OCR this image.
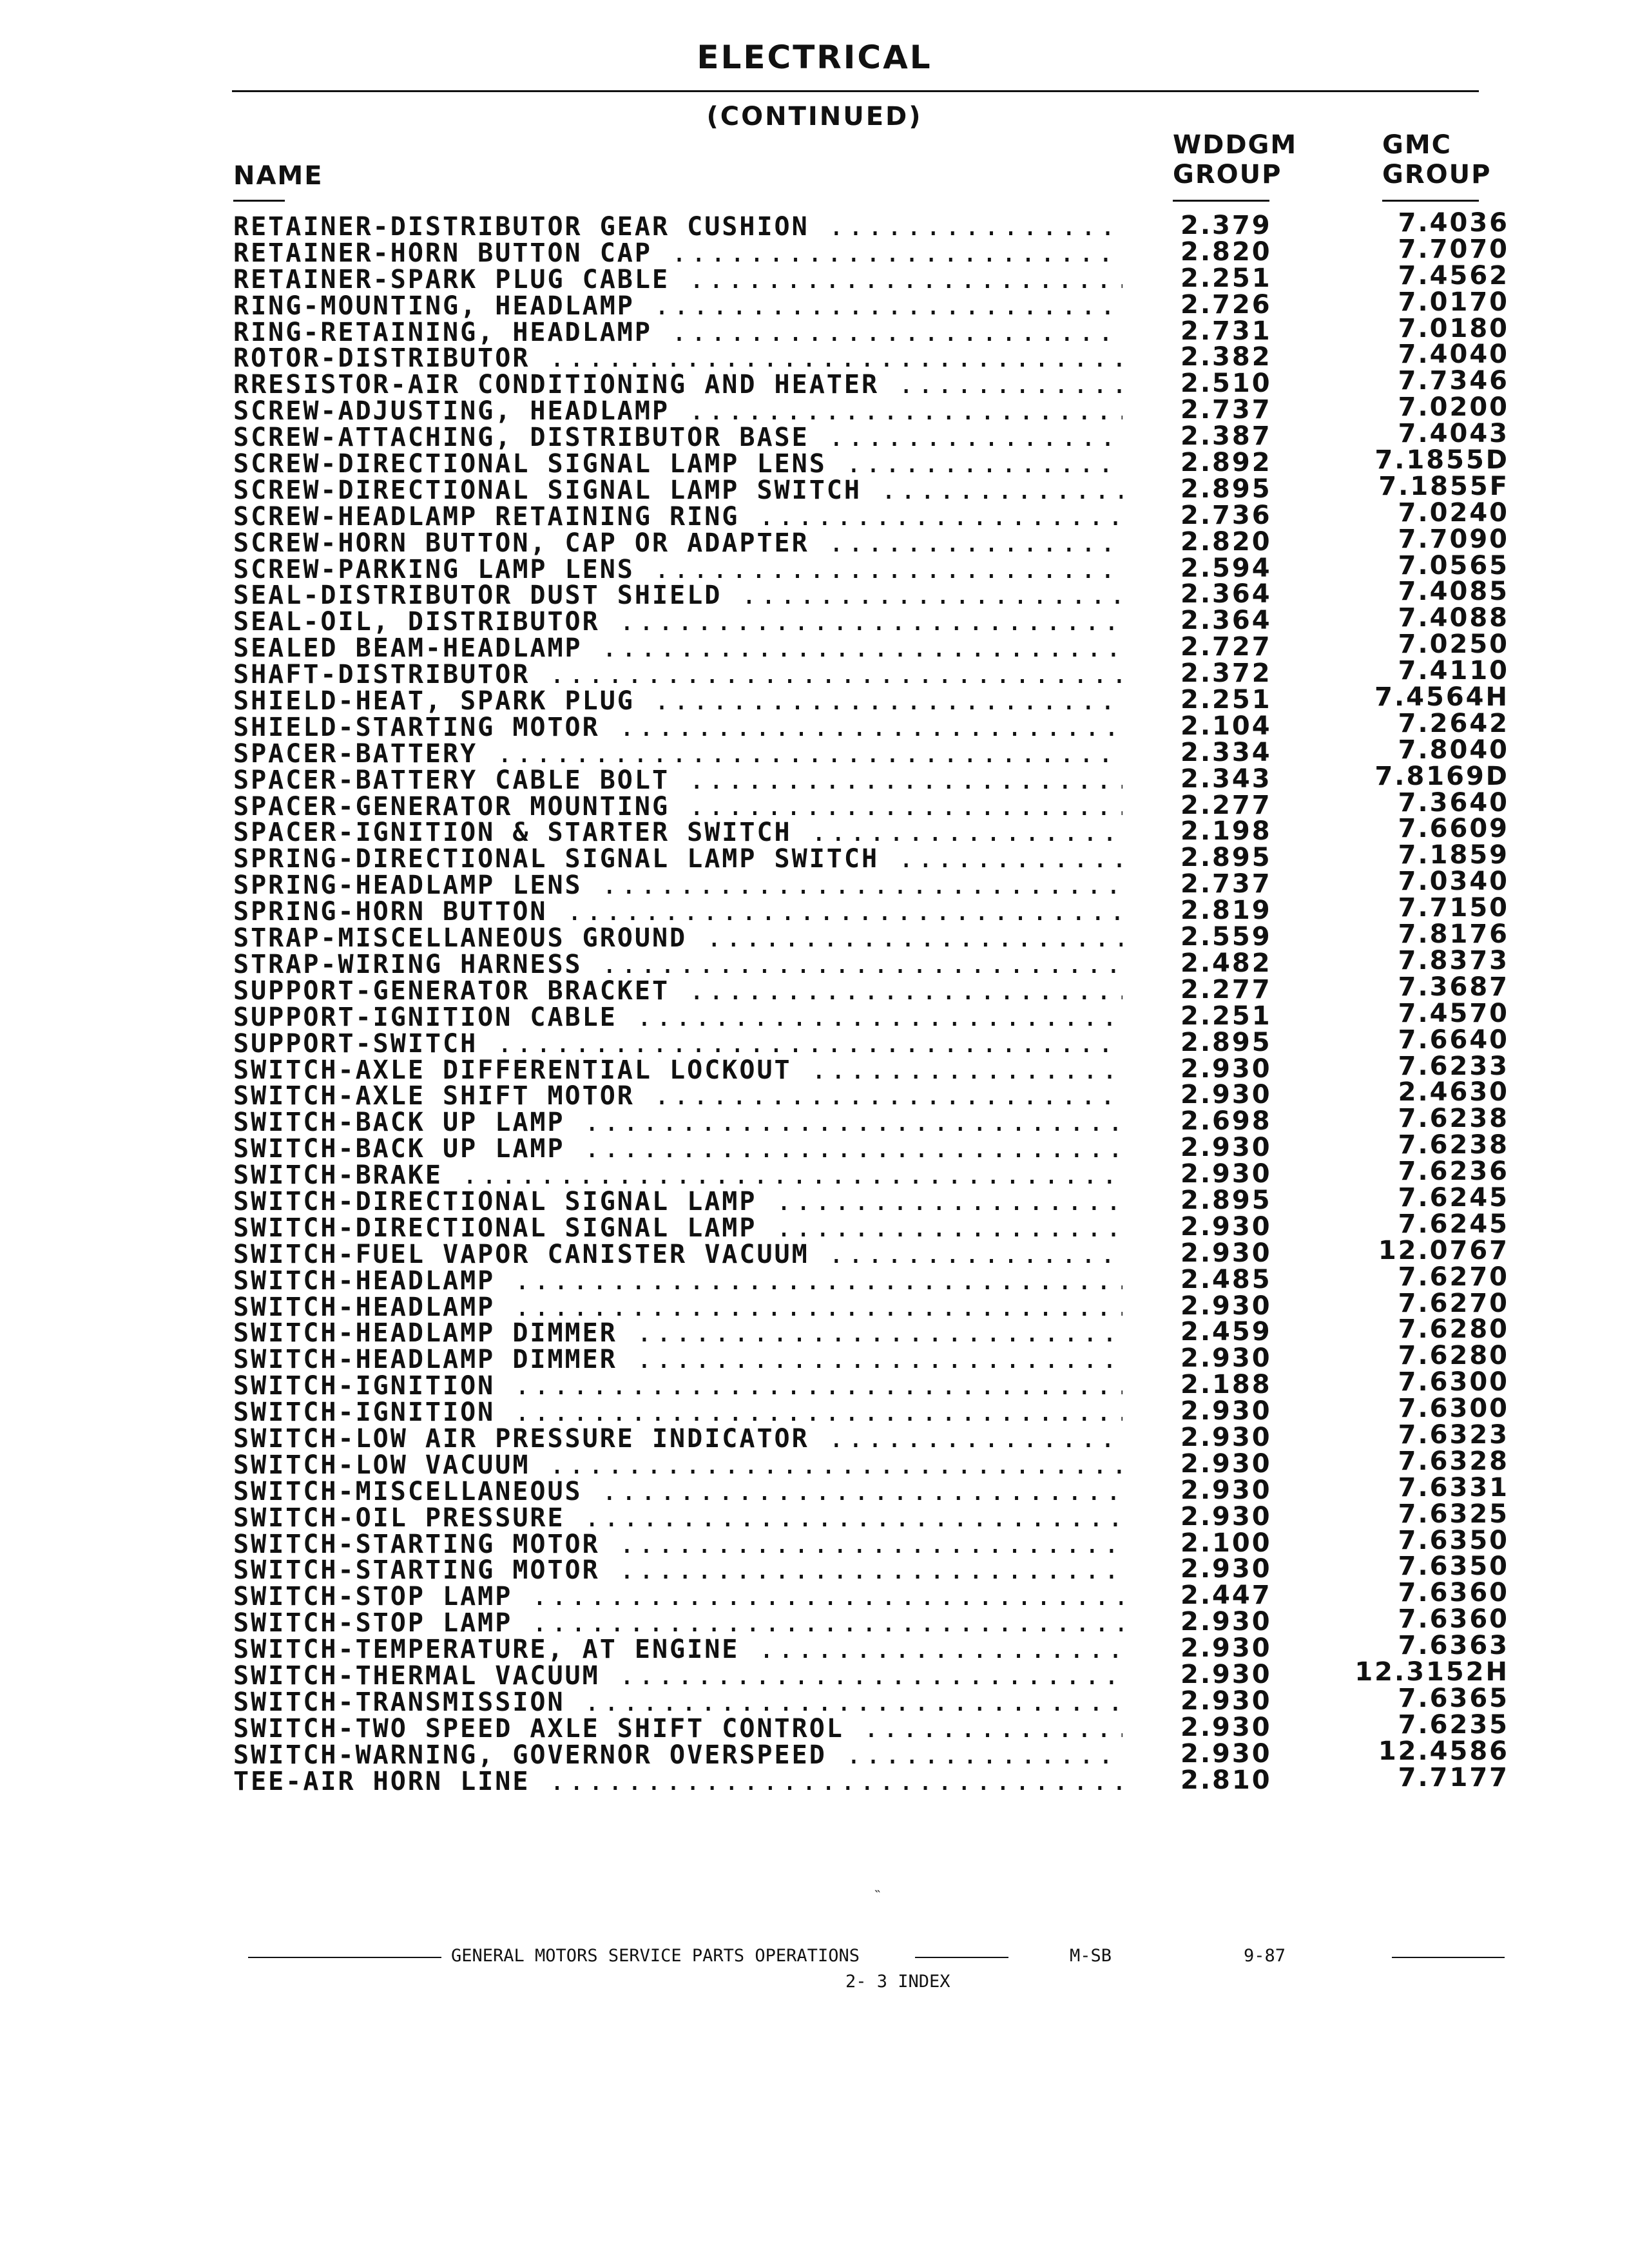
ELECTRICAL
(CONTINUED)
NAME
WDDGM
GROUP
GMC
GROUP
RETAINER-DISTRIBUTOR GEAR CUSHION .....	2.379	7.4036
RETAINER-HORN BUTTON CAP .....	2.820	7.7070
RETAINER-SPARK PLUG CABLE .....	2.251	7.4562
RING-MOUNTING, HEADLAMP .....	2.726	7.0170
RING-RETAINING, HEADLAMP .....	2.731	7.0180
ROTOR-DISTRIBUTOR .....	2.382	7.4040
RRESISTOR-AIR CONDITIONING AND HEATER .....	2.510	7.7346
SCREW-ADJUSTING, HEADLAMP .....	2.737	7.0200
SCREW-ATTACHING, DISTRIBUTOR BASE .....	2.387	7.4043
SCREW-DIRECTIONAL SIGNAL LAMP LENS .....	2.892	7.1855D
SCREW-DIRECTIONAL SIGNAL LAMP SWITCH .....	2.895	7.1855F
SCREW-HEADLAMP RETAINING RING .....	2.736	7.0240
SCREW-HORN BUTTON, CAP OR ADAPTER .....	2.820	7.7090
SCREW-PARKING LAMP LENS .....	2.594	7.0565
SEAL-DISTRIBUTOR DUST SHIELD .....	2.364	7.4085
SEAL-OIL, DISTRIBUTOR .....	2.364	7.4088
SEALED BEAM-HEADLAMP .....	2.727	7.0250
SHAFT-DISTRIBUTOR .....	2.372	7.4110
SHIELD-HEAT, SPARK PLUG .....	2.251	7.4564H
SHIELD-STARTING MOTOR .....	2.104	7.2642
SPACER-BATTERY .....	2.334	7.8040
SPACER-BATTERY CABLE BOLT .....	2.343	7.8169D
SPACER-GENERATOR MOUNTING .....	2.277	7.3640
SPACER-IGNITION & STARTER SWITCH .....	2.198	7.6609
SPRING-DIRECTIONAL SIGNAL LAMP SWITCH .....	2.895	7.1859
SPRING-HEADLAMP LENS .....	2.737	7.0340
SPRING-HORN BUTTON .....	2.819	7.7150
STRAP-MISCELLANEOUS GROUND .....	2.559	7.8176
STRAP-WIRING HARNESS .....	2.482	7.8373
SUPPORT-GENERATOR BRACKET .....	2.277	7.3687
SUPPORT-IGNITION CABLE .....	2.251	7.4570
SUPPORT-SWITCH .....	2.895	7.6640
SWITCH-AXLE DIFFERENTIAL LOCKOUT .....	2.930	7.6233
SWITCH-AXLE SHIFT MOTOR .....	2.930	2.4630
SWITCH-BACK UP LAMP .....	2.698	7.6238
SWITCH-BACK UP LAMP .....	2.930	7.6238
SWITCH-BRAKE .....	2.930	7.6236
SWITCH-DIRECTIONAL SIGNAL LAMP .....	2.895	7.6245
SWITCH-DIRECTIONAL SIGNAL LAMP .....	2.930	7.6245
SWITCH-FUEL VAPOR CANISTER VACUUM .....	2.930	12.0767
SWITCH-HEADLAMP .....	2.485	7.6270
SWITCH-HEADLAMP .....	2.930	7.6270
SWITCH-HEADLAMP DIMMER .....	2.459	7.6280
SWITCH-HEADLAMP DIMMER .....	2.930	7.6280
SWITCH-IGNITION .....	2.188	7.6300
SWITCH-IGNITION .....	2.930	7.6300
SWITCH-LOW AIR PRESSURE INDICATOR .....	2.930	7.6323
SWITCH-LOW VACUUM .....	2.930	7.6328
SWITCH-MISCELLANEOUS .....	2.930	7.6331
SWITCH-OIL PRESSURE .....	2.930	7.6325
SWITCH-STARTING MOTOR .....	2.100	7.6350
SWITCH-STARTING MOTOR .....	2.930	7.6350
SWITCH-STOP LAMP .....	2.447	7.6360
SWITCH-STOP LAMP .....	2.930	7.6360
SWITCH-TEMPERATURE, AT ENGINE .....	2.930	7.6363
SWITCH-THERMAL VACUUM .....	2.930	12.3152H
SWITCH-TRANSMISSION .....	2.930	7.6365
SWITCH-TWO SPEED AXLE SHIFT CONTROL .....	2.930	7.6235
SWITCH-WARNING, GOVERNOR OVERSPEED .....	2.930	12.4586
TEE-AIR HORN LINE .....	2.810	7.7177
˵
GENERAL MOTORS SERVICE PARTS OPERATIONS	M-SB	9-87
2- 3 INDEX
